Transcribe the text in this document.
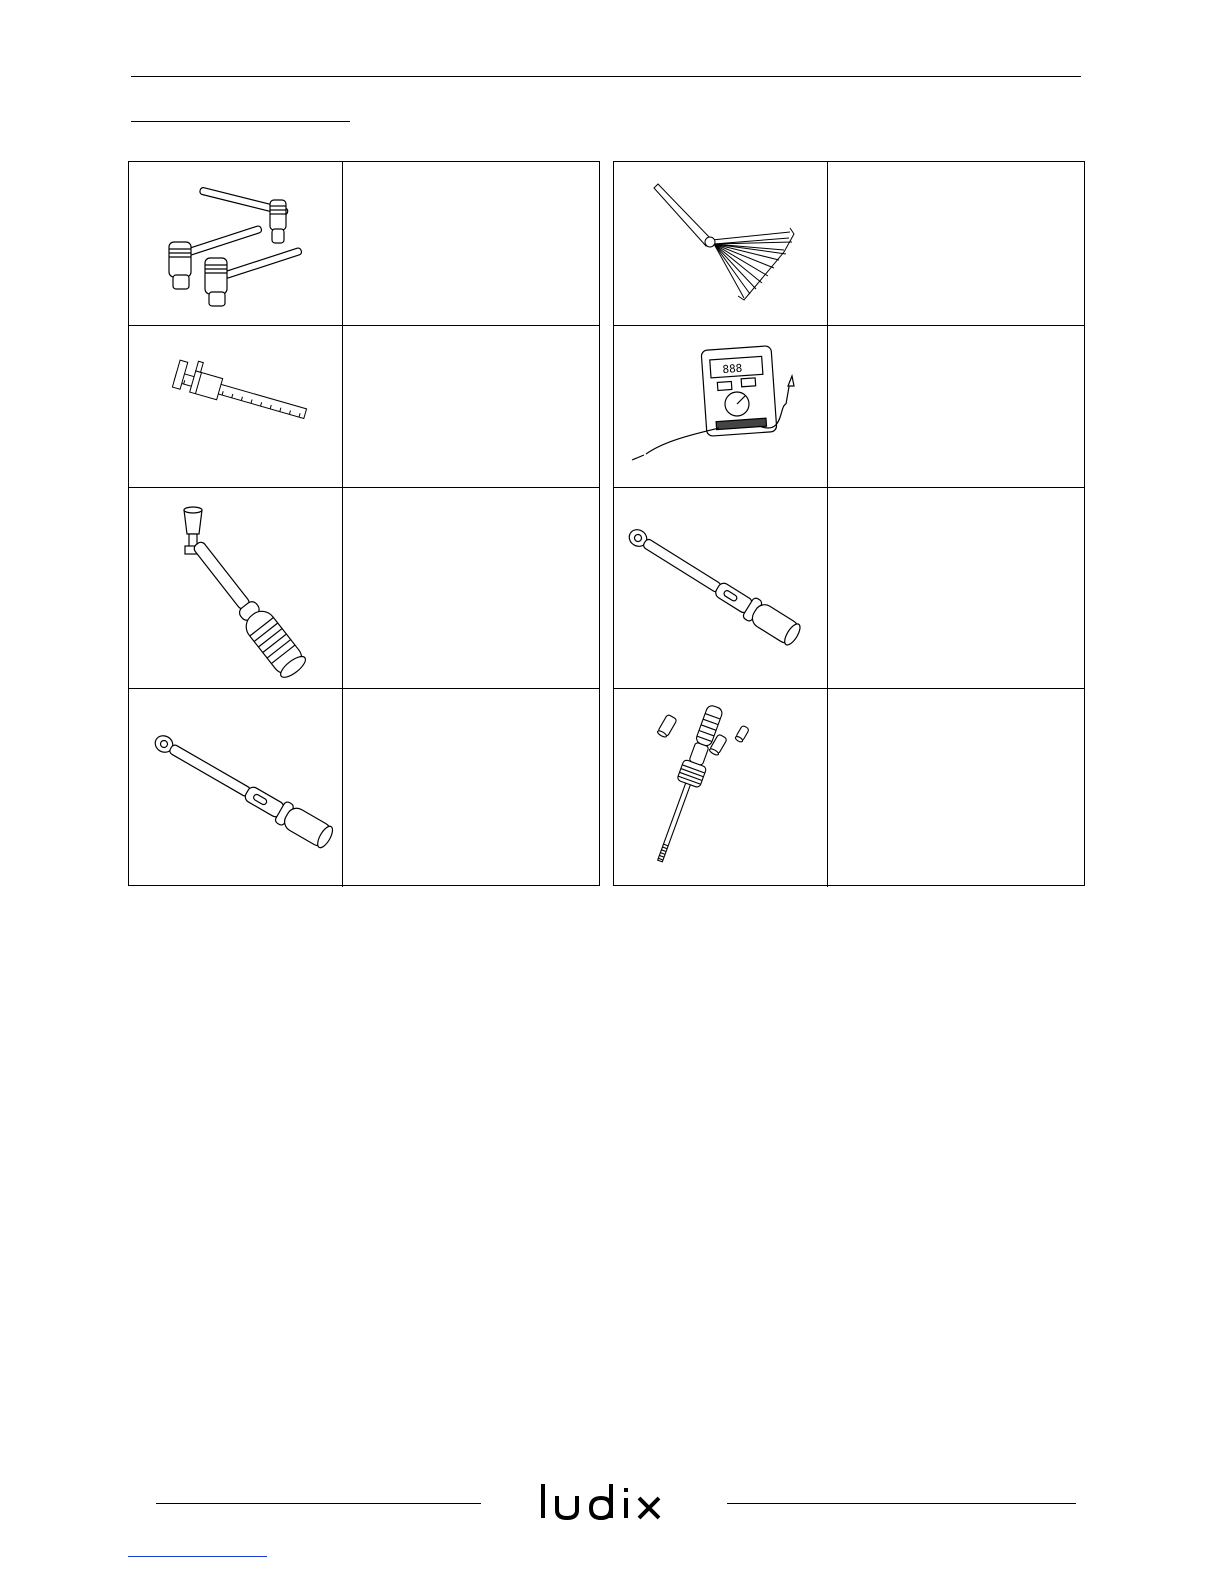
888
